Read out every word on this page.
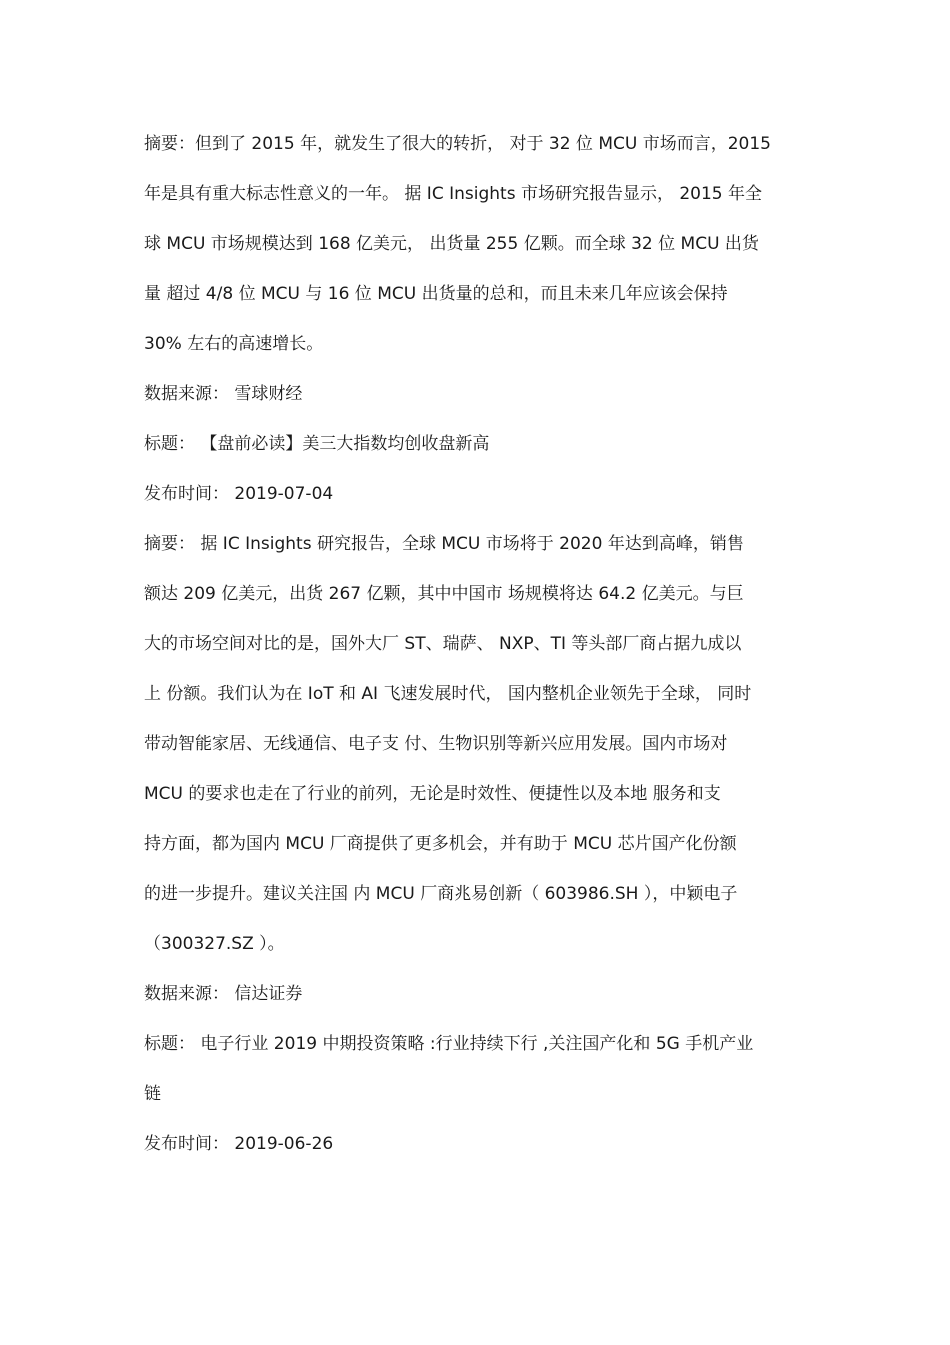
摘要：但到了 2015 年，就发生了很大的转折， 对于 32 位 MCU 市场而言，2015
年是具有重大标志性意义的一年。 据 IC Insights 市场研究报告显示， 2015 年全
球 MCU 市场规模达到 168 亿美元， 出货量 255 亿颗。而全球 32 位 MCU 出货
量 超过 4/8 位 MCU 与 16 位 MCU 出货量的总和，而且未来几年应该会保持
30% 左右的高速增长。
数据来源： 雪球财经
标题： 【盘前必读】美三大指数均创收盘新高
发布时间： 2019-07-04
摘要： 据 IC Insights 研究报告，全球 MCU 市场将于 2020 年达到高峰，销售
额达 209 亿美元，出货 267 亿颗，其中中国市 场规模将达 64.2 亿美元。与巨
大的市场空间对比的是，国外大厂 ST、瑞萨、 NXP、TI 等头部厂商占据九成以
上 份额。我们认为在 IoT 和 AI 飞速发展时代， 国内整机企业领先于全球， 同时
带动智能家居、无线通信、电子支 付、生物识别等新兴应用发展。国内市场对
MCU 的要求也走在了行业的前列，无论是时效性、便捷性以及本地 服务和支
持方面，都为国内 MCU 厂商提供了更多机会，并有助于 MCU 芯片国产化份额
的进一步提升。建议关注国 内 MCU 厂商兆易创新（ 603986.SH ），中颖电子
（300327.SZ ）。
数据来源： 信达证券
标题： 电子行业 2019 中期投资策略 :行业持续下行 ,关注国产化和 5G 手机产业
链
发布时间： 2019-06-26
